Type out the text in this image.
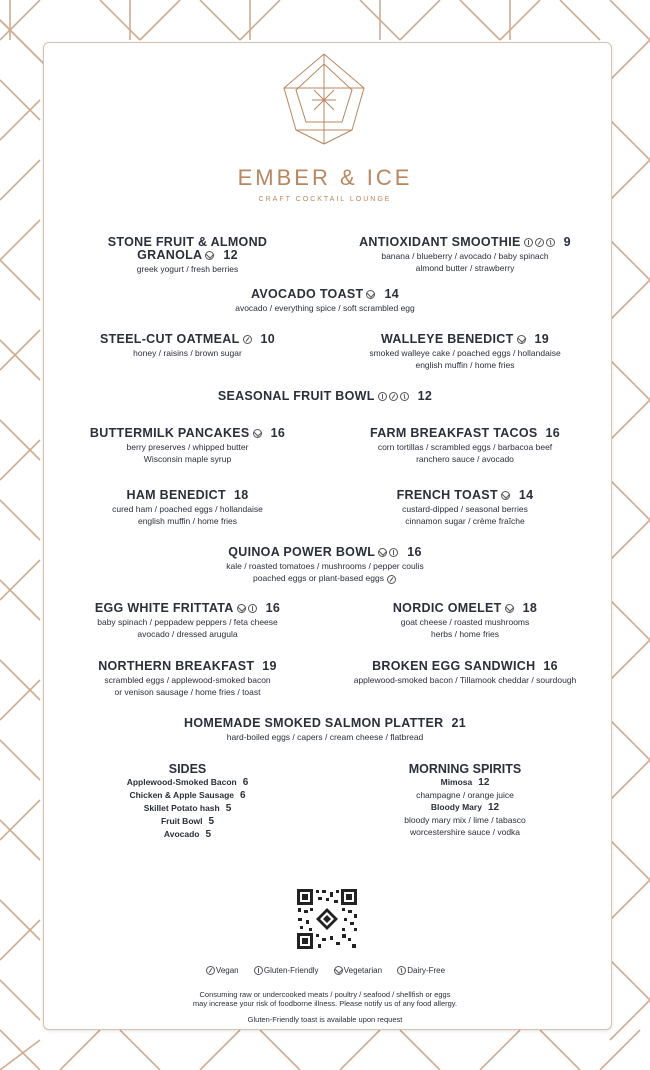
EMBER & ICE
CRAFT COCKTAIL LOUNGE
STONE FRUIT & ALMOND
GRANOLA 12
greek yogurt / fresh berries
ANTIOXIDANT SMOOTHIE	9
banana / blueberry / avocado / baby spinach
almond butter / strawberry
AVOCADO TOAST 14
avocado / everything spice / soft scrambled egg
STEEL-CUT OATMEAL 10
honey / raisins / brown sugar
WALLEYE BENEDICT 19
smoked walleye cake / poached eggs / hollandaise
english muffin / home fries
SEASONAL FRUIT BOWL	12
BUTTERMILK PANCAKES 16
berry preserves / whipped butter
Wisconsin maple syrup
FARM BREAKFAST TACOS 16
corn tortillas / scrambled eggs / barbacoa beef
ranchero sauce / avocado
HAM BENEDICT 18
cured ham / poached eggs / hollandaise
english muffin / home fries
FRENCH TOAST 14
custard-dipped / seasonal berries
cinnamon sugar / crème fraîche
QUINOA POWER BOWL	16
kale / roasted tomatoes / mushrooms / pepper coulis
poached eggs or plant-based eggs
EGG WHITE FRITTATA	16
baby spinach / peppadew peppers / feta cheese
avocado / dressed arugula
NORDIC OMELET 18
goat cheese / roasted mushrooms
herbs / home fries
NORTHERN BREAKFAST 19
scrambled eggs / applewood-smoked bacon
or venison sausage / home fries / toast
BROKEN EGG SANDWICH 16
applewood-smoked bacon / Tillamook cheddar / sourdough
HOMEMADE SMOKED SALMON PLATTER 21
hard-boiled eggs / capers / cream cheese / flatbread
SIDES
Applewood-Smoked Bacon 6
Chicken & Apple Sausage 6
Skillet Potato hash 5
Fruit Bowl 5
Avocado 5
MORNING SPIRITS
Mimosa 12
champagne / orange juice
Bloody Mary 12
bloody mary mix / lime / tabasco
worcestershire sauce / vodka
Vegan	Gluten-Friendly	Vegetarian	Dairy-Free
Consuming raw or undercooked meats / poultry / seafood / shellfish or eggs
may increase your risk of foodborne illness. Please notify us of any food allergy.
Gluten-Friendly toast is available upon request
